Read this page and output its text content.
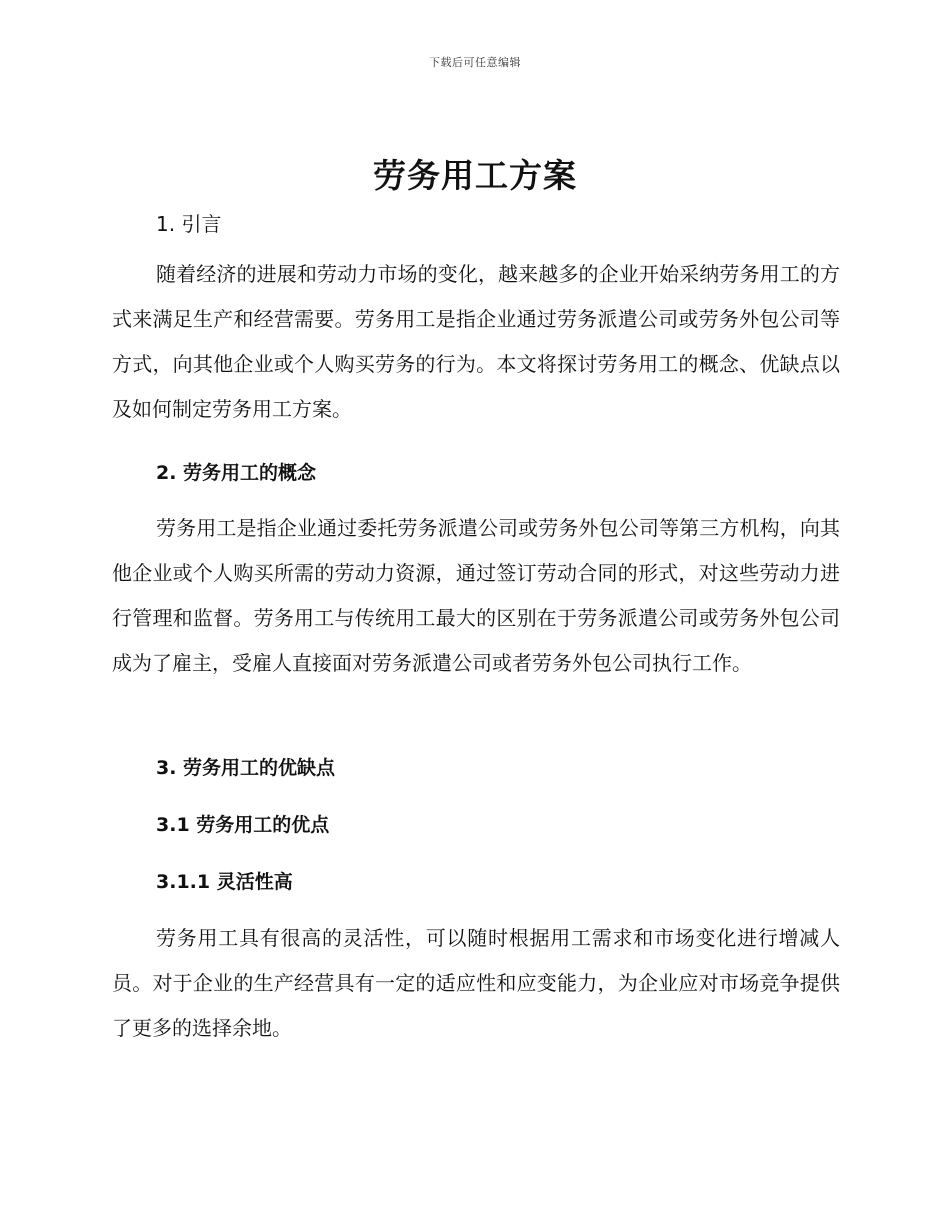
下载后可任意编辑
劳务用工方案
1. 引言

随着经济的进展和劳动力市场的变化，越来越多的企业开始采纳劳务用工的方式来满足生产和经营需要。劳务用工是指企业通过劳务派遣公司或劳务外包公司等方式，向其他企业或个人购买劳务的行为。本文将探讨劳务用工的概念、优缺点以及如何制定劳务用工方案。

2. 劳务用工的概念

劳务用工是指企业通过委托劳务派遣公司或劳务外包公司等第三方机构，向其他企业或个人购买所需的劳动力资源，通过签订劳动合同的形式，对这些劳动力进行管理和监督。劳务用工与传统用工最大的区别在于劳务派遣公司或劳务外包公司成为了雇主，受雇人直接面对劳务派遣公司或者劳务外包公司执行工作。

3. 劳务用工的优缺点
3.1 劳务用工的优点
3.1.1 灵活性高

劳务用工具有很高的灵活性，可以随时根据用工需求和市场变化进行增减人员。对于企业的生产经营具有一定的适应性和应变能力，为企业应对市场竞争提供了更多的选择余地。
